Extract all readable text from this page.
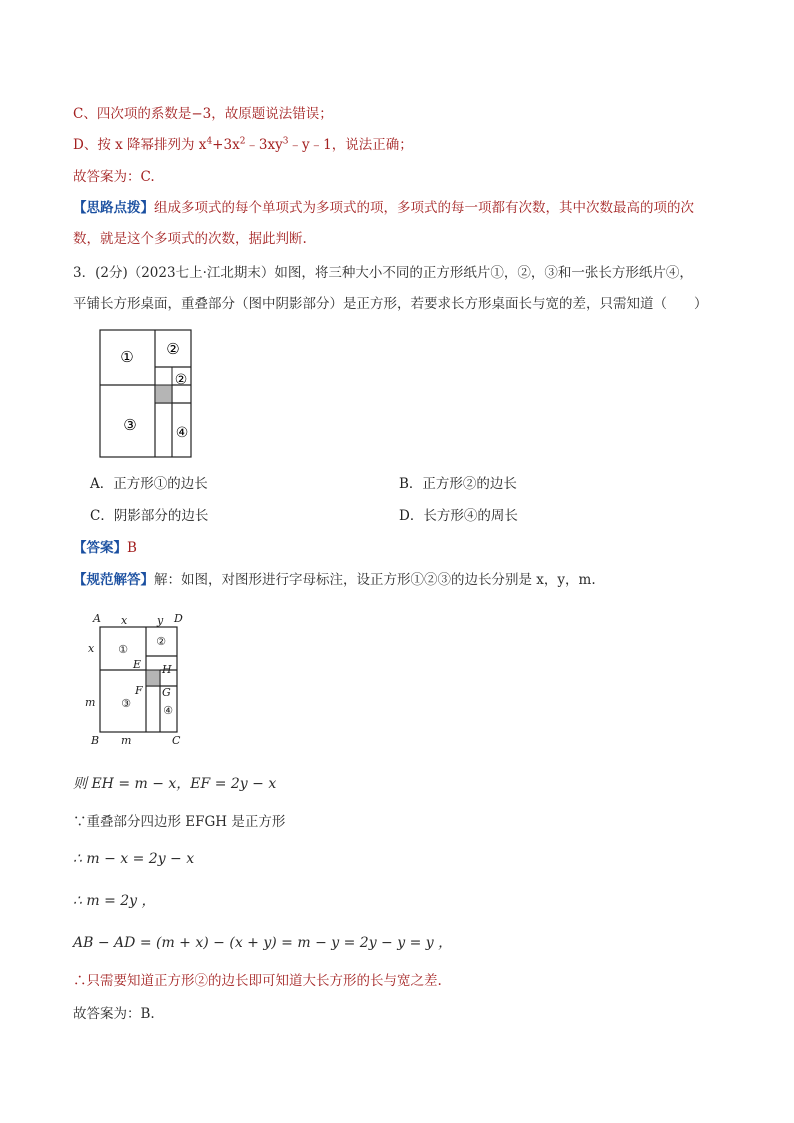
C、四次项的系数是−3，故原题说法错误；
D、按 x 降幂排列为 $x^4+3x^2﹣3xy^3﹣y﹣1$，说法正确；
故答案为：C.
【思路点拨】组成多项式的每个单项式为多项式的项，多项式的每一项都有次数，其中次数最高的项的次
数，就是这个多项式的次数，据此判断.
3．(2分)（2023七上·江北期末）如图，将三种大小不同的正方形纸片①，②，③和一张长方形纸片④，
平铺长方形桌面，重叠部分（图中阴影部分）是正方形，若要求长方形桌面长与宽的差，只需知道（　　）
① ②
②
③	④
A．正方形①的边长	B．正方形②的边长
C．阴影部分的边长	D．长方形④的周长
【答案】B
【规范解答】解：如图，对图形进行字母标注，设正方形①②③的边长分别是 x，y，m.
A	D
B	C
x	y
x
m
m
E
F G
H
①
②
③
④
则 EH = m − x，EF = 2y − x
∵重叠部分四边形 EFGH 是正方形
∴ m − x = 2y − x
∴ m = 2y ，
AB − AD = (m + x) − (x + y) = m − y = 2y − y = y ，
∴只需要知道正方形②的边长即可知道大长方形的长与宽之差.
故答案为：B.
